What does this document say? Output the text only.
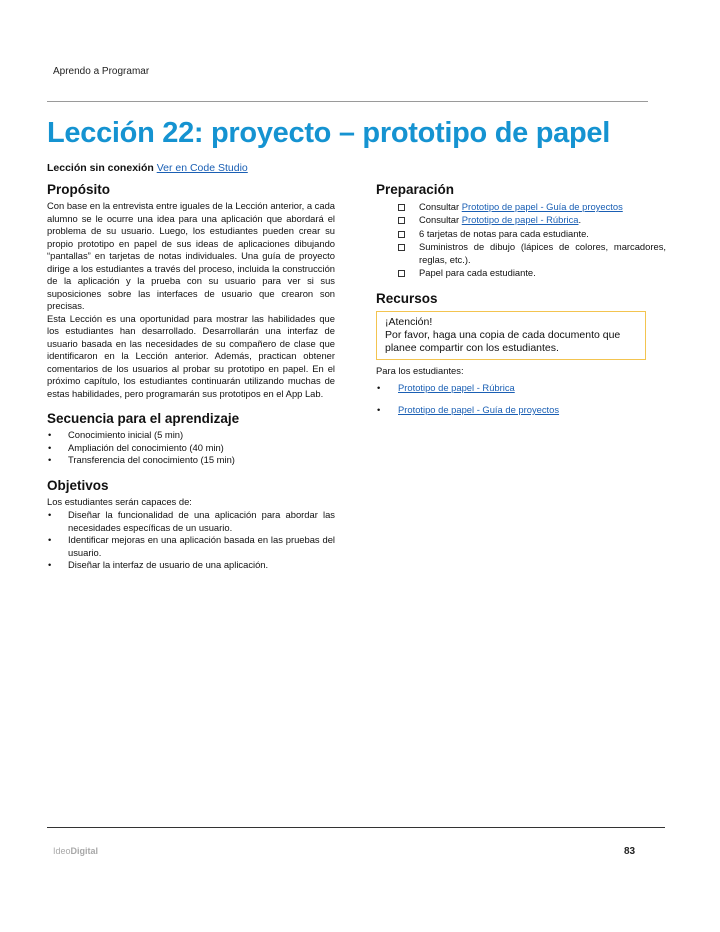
Aprendo a Programar
Lección 22: proyecto – prototipo de papel
Lección sin conexión Ver en Code Studio
Propósito

Con base en la entrevista entre iguales de la Lección anterior, a cada alumno se le ocurre una idea para una aplicación que abordará el problema de su usuario. Luego, los estudiantes pueden crear su propio prototipo en papel de sus ideas de aplicaciones dibujando “pantallas” en tarjetas de notas individuales. Una guía de proyecto dirige a los estudiantes a través del proceso, incluida la construcción de la aplicación y la prueba con su usuario para ver si sus suposiciones sobre las interfaces de usuario que crearon son precisas.

Esta Lección es una oportunidad para mostrar las habilidades que los estudiantes han desarrollado. Desarrollarán una interfaz de usuario basada en las necesidades de su compañero de clase que identificaron en la Lección anterior. Además, practican obtener comentarios de los usuarios al probar su prototipo en papel. En el próximo capítulo, los estudiantes continuarán utilizando muchas de estas habilidades, pero programarán sus prototipos en el App Lab.

Secuencia para el aprendizaje
• Conocimiento inicial (5 min)
• Ampliación del conocimiento (40 min)
• Transferencia del conocimiento (15 min)
Objetivos

Los estudiantes serán capaces de:

• Diseñar la funcionalidad de una aplicación para abordar las necesidades específicas de un usuario.
• Identificar mejoras en una aplicación basada en las pruebas del usuario.
• Diseñar la interfaz de usuario de una aplicación.
Preparación
Consultar Prototipo de papel - Guía de proyectos
Consultar Prototipo de papel - Rúbrica.
6 tarjetas de notas para cada estudiante.
Suministros de dibujo (lápices de colores, marcadores, reglas, etc.).
Papel para cada estudiante.
Recursos
¡Atención!
Por favor, haga una copia de cada documento que planee compartir con los estudiantes.
Para los estudiantes:
• Prototipo de papel - Rúbrica
• Prototipo de papel - Guía de proyectos
IdeoDigital	83
